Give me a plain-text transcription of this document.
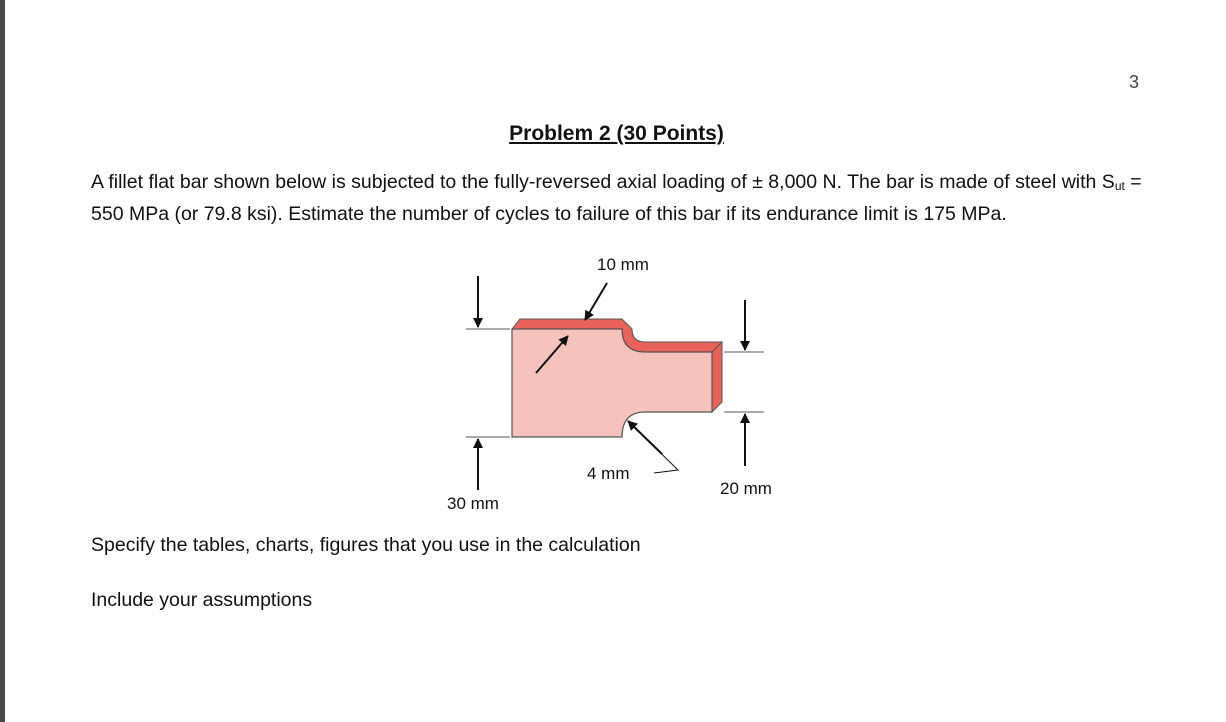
3
Problem 2 (30 Points)

A fillet flat bar shown below is subjected to the fully-reversed axial loading of ± 8,000 N. The bar is made of steel with $S_{ut} = 550$ MPa (or 79.8 ksi). Estimate the number of cycles to failure of this bar if its endurance limit is 175 MPa.

10 mm
4 mm
20 mm
30 mm

Specify the tables, charts, figures that you use in the calculation

Include your assumptions
